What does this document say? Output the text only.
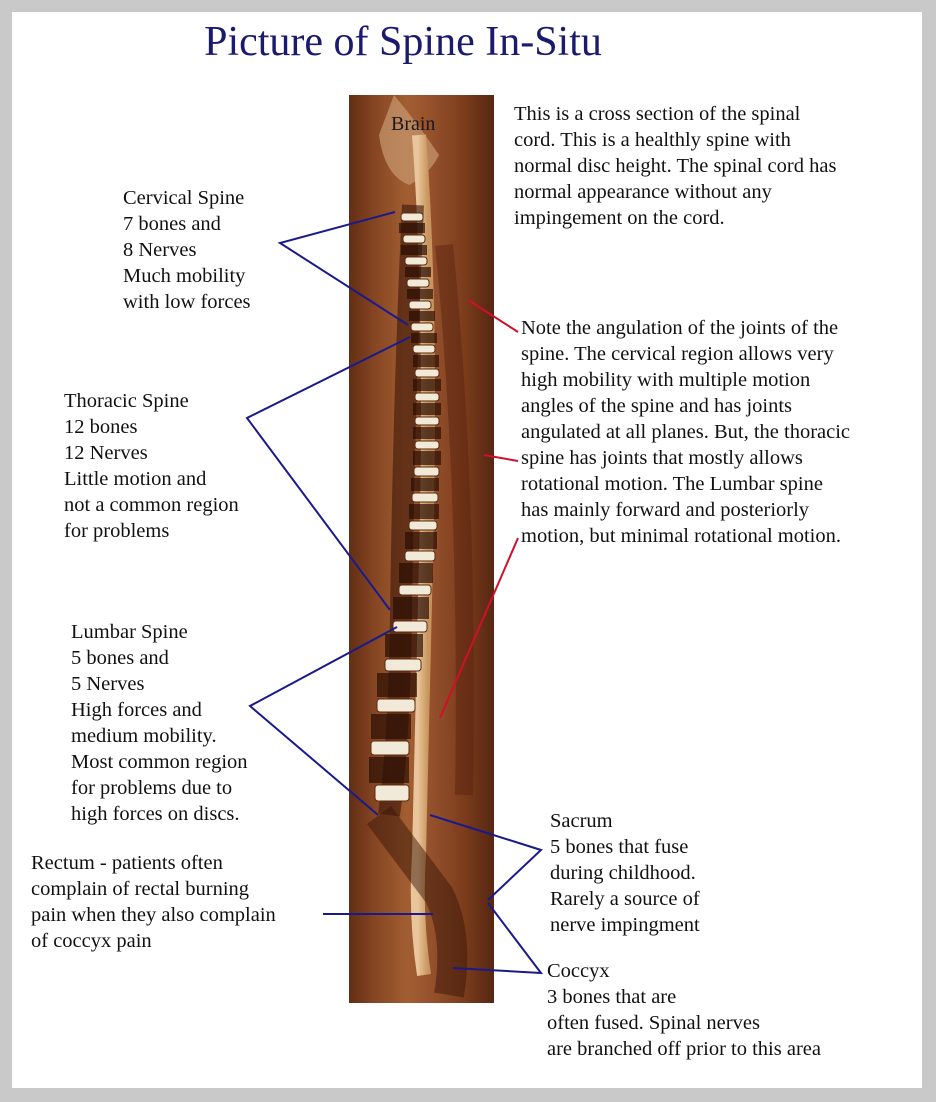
Picture of Spine In-Situ
Brain	This is a cross section of the spinal

cord. This is a healthly spine with

normal disc height. The spinal cord has

normal appearance without any

impingement on the cord.

Note the angulation of the joints of the

spine. The cervical region allows very

high mobility with multiple motion

angles of the spine and has joints

angulated at all planes. But, the thoracic

spine has joints that mostly allows

rotational motion. The Lumbar spine

has mainly forward and posteriorly

motion, but minimal rotational motion.

Cervical Spine

7 bones and

8 Nerves

Much mobility

with low forces

Thoracic Spine

12 bones

12 Nerves

Little motion and

not a common region

for problems

Lumbar Spine

5 bones and

5 Nerves

High forces and

medium mobility.

Most common region

for problems due to

high forces on discs.

Rectum - patients often

complain of rectal burning

pain when they also complain

of coccyx pain

Sacrum

5 bones that fuse

during childhood.

Rarely a source of

nerve impingment

Coccyx

3 bones that are

often fused. Spinal nerves

are branched off prior to this area
